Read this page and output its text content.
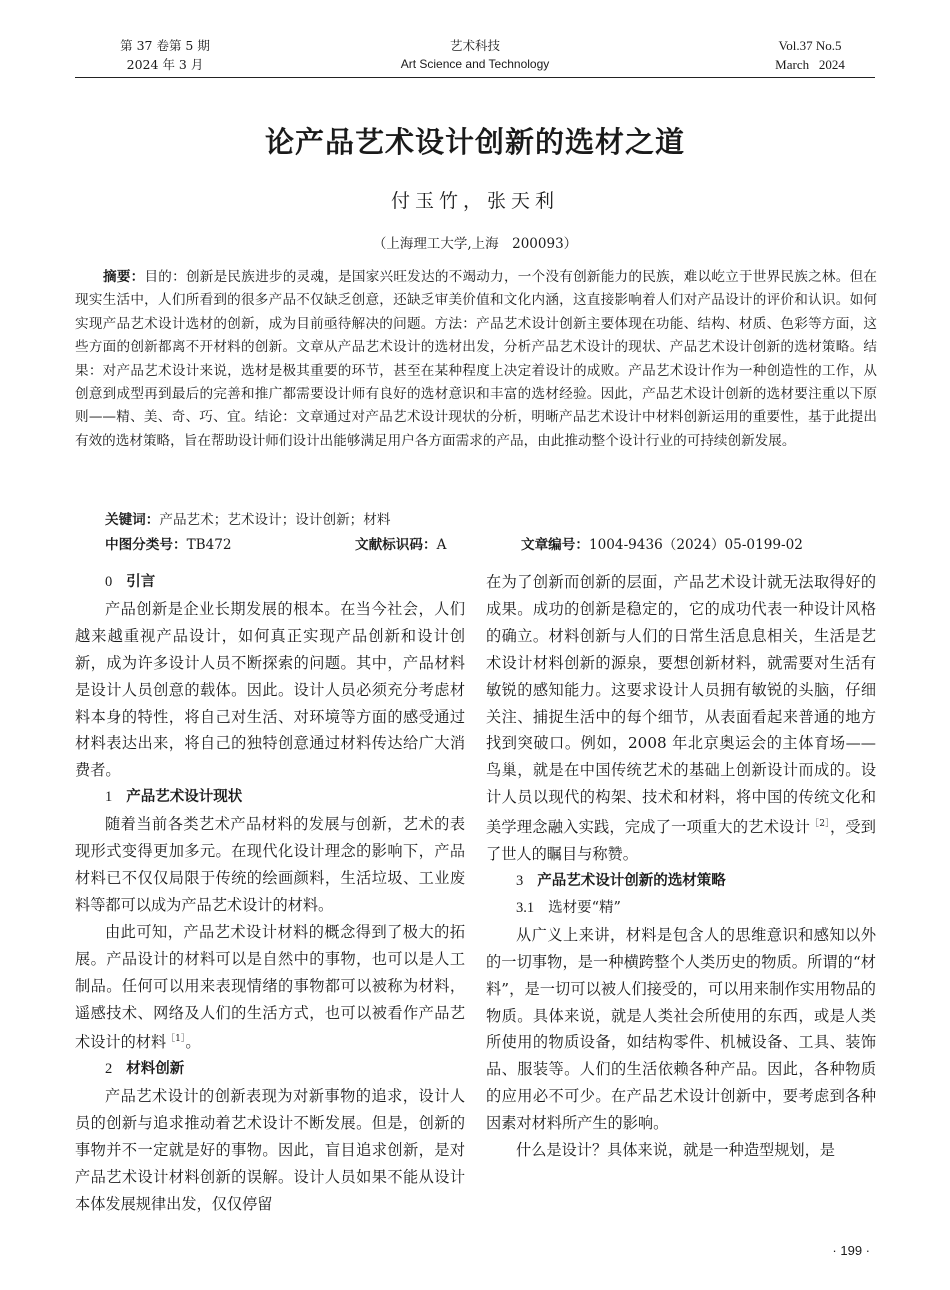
第 37 卷第 5 期
2024 年 3 月
艺术科技
Art Science and Technology
Vol.37 No.5
March   2024
论产品艺术设计创新的选材之道
付玉竹，张天利
（上海理工大学,上海　200093）
摘要：目的：创新是民族进步的灵魂，是国家兴旺发达的不竭动力，一个没有创新能力的民族，难以屹立于世界民族之林。但在现实生活中，人们所看到的很多产品不仅缺乏创意，还缺乏审美价值和文化内涵，这直接影响着人们对产品设计的评价和认识。如何实现产品艺术设计选材的创新，成为目前亟待解决的问题。方法：产品艺术设计创新主要体现在功能、结构、材质、色彩等方面，这些方面的创新都离不开材料的创新。文章从产品艺术设计的选材出发，分析产品艺术设计的现状、产品艺术设计创新的选材策略。结果：对产品艺术设计来说，选材是极其重要的环节，甚至在某种程度上决定着设计的成败。产品艺术设计作为一种创造性的工作，从创意到成型再到最后的完善和推广都需要设计师有良好的选材意识和丰富的选材经验。因此，产品艺术设计创新的选材要注重以下原则——精、美、奇、巧、宜。结论：文章通过对产品艺术设计现状的分析，明晰产品艺术设计中材料创新运用的重要性，基于此提出有效的选材策略，旨在帮助设计师们设计出能够满足用户各方面需求的产品，由此推动整个设计行业的可持续创新发展。
关键词：产品艺术；艺术设计；设计创新；材料
中图分类号：TB472	文献标识码：A	文章编号：1004-9436（2024）05-0199-02
0 引言

产品创新是企业长期发展的根本。在当今社会，人们越来越重视产品设计，如何真正实现产品创新和设计创新，成为许多设计人员不断探索的问题。其中，产品材料是设计人员创意的载体。因此。设计人员必须充分考虑材料本身的特性，将自己对生活、对环境等方面的感受通过材料表达出来，将自己的独特创意通过材料传达给广大消费者。

1 产品艺术设计现状

随着当前各类艺术产品材料的发展与创新，艺术的表现形式变得更加多元。在现代化设计理念的影响下，产品材料已不仅仅局限于传统的绘画颜料，生活垃圾、工业废料等都可以成为产品艺术设计的材料。

由此可知，产品艺术设计材料的概念得到了极大的拓展。产品设计的材料可以是自然中的事物，也可以是人工制品。任何可以用来表现情绪的事物都可以被称为材料，遥感技术、网络及人们的生活方式，也可以被看作产品艺术设计的材料$^{[1]}$。

2 材料创新

产品艺术设计的创新表现为对新事物的追求，设计人员的创新与追求推动着艺术设计不断发展。但是，创新的事物并不一定就是好的事物。因此，盲目追求创新，是对产品艺术设计材料创新的误解。设计人员如果不能从设计本体发展规律出发，仅仅停留

在为了创新而创新的层面，产品艺术设计就无法取得好的成果。成功的创新是稳定的，它的成功代表一种设计风格的确立。材料创新与人们的日常生活息息相关，生活是艺术设计材料创新的源泉，要想创新材料，就需要对生活有敏锐的感知能力。这要求设计人员拥有敏锐的头脑，仔细关注、捕捉生活中的每个细节，从表面看起来普通的地方找到突破口。例如，2008 年北京奥运会的主体育场——鸟巢，就是在中国传统艺术的基础上创新设计而成的。设计人员以现代的构架、技术和材料，将中国的传统文化和美学理念融入实践，完成了一项重大的艺术设计$^{[2]}$，受到了世人的瞩目与称赞。

3 产品艺术设计创新的选材策略
3.1 选材要“精”

从广义上来讲，材料是包含人的思维意识和感知以外的一切事物，是一种横跨整个人类历史的物质。所谓的“材料”，是一切可以被人们接受的，可以用来制作实用物品的物质。具体来说，就是人类社会所使用的东西，或是人类所使用的物质设备，如结构零件、机械设备、工具、装饰品、服装等。人们的生活依赖各种产品。因此，各种物质的应用必不可少。在产品艺术设计创新中，要考虑到各种因素对材料所产生的影响。

什么是设计？具体来说，就是一种造型规划，是

· 199 ·
